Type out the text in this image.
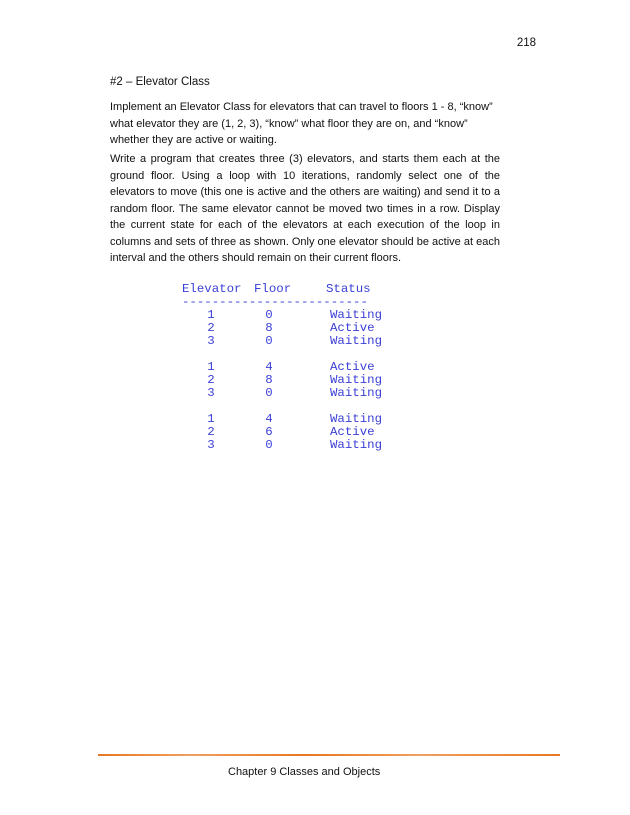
218
#2 – Elevator Class

Implement an Elevator Class for elevators that can travel to floors 1 - 8, “know” what elevator they are (1, 2, 3), “know” what floor they are on, and “know” whether they are active or waiting.

Write a program that creates three (3) elevators, and starts them each at the ground floor. Using a loop with 10 iterations, randomly select one of the elevators to move (this one is active and the others are waiting) and send it to a random floor. The same elevator cannot be moved two times in a row. Display the current state for each of the elevators at each execution of the loop in columns and sets of three as shown. Only one elevator should be active at each interval and the others should remain on their current floors.

Elevator	Floor	Status
-------------------------
1	0	Waiting
2	8	Active
3	0	Waiting
1	4	Active
2	8	Waiting
3	0	Waiting
1	4	Waiting
2	6	Active
3	0	Waiting
Chapter 9 Classes and Objects
